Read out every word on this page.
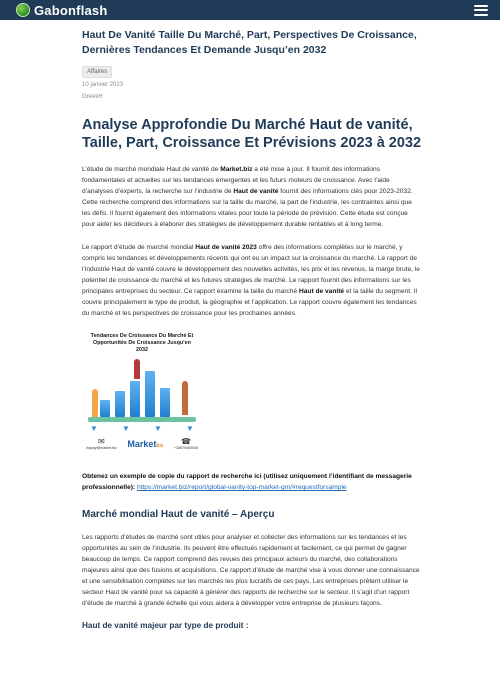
Gabonflash
Haut De Vanité Taille Du Marché, Part, Perspectives De Croissance, Dernières Tendances Et Demande Jusqu’en 2032
Affaires
10 janvier 2023
GreekH
Analyse Approfondie Du Marché Haut de vanité, Taille, Part, Croissance Et Prévisions 2023 à 2032

L’étude de marché mondiale Haut de vanité de Market.biz a été mise à jour. Il fournit des informations fondamentales et actuelles sur les tendances émergentes et les futurs moteurs de croissance. Avec l’aide d’analyses d’experts, la recherche sur l’industrie de Haut de vanité fournit des informations clés pour 2023-2032. Cette recherche comprend des informations sur la taille du marché, la part de l’industrie, les contraintes ainsi que les défis. Il fournit également des informations vitales pour toute la période de prévision. Cette étude est conçue pour aider les décideurs à élaborer des stratégies de développement durable rentables et à long terme.

Le rapport d’étude de marché mondial Haut de vanité 2023 offre des informations complètes sur le marché, y compris les tendances et développements récents qui ont eu un impact sur la croissance du marché. Le rapport de l’industrie Haut de vanité couvre le développement des nouvelles activités, les prix et les revenus, la marge brute, le potentiel de croissance du marché et les futures stratégies de marché. Le rapport fournit des informations sur les principales entreprises du secteur. Ce rapport examine la taille du marché Haut de vanité et la taille du segment. Il couvre principalement le type de produit, la géographie et l’application. Le rapport couvre également les tendances du marché et les perspectives de croissance pour les prochaines années.

Tendances De Croissance Du Marché Et Opportunités De Croissance Jusqu’en 2032
▼	▼	▼	▼
✉
inquiry@market.biz Marketbiz ☎
+18579450045

Obtenez un exemple de copie du rapport de recherche ici (utilisez uniquement l’identifiant de messagerie professionnelle): https://market.biz/report/global-vanity-top-market-gm/#requestforsample

Marché mondial Haut de vanité – Aperçu

Les rapports d’études de marché sont utiles pour analyser et collecter des informations sur les tendances et les opportunités au sein de l’industrie. Ils peuvent être effectués rapidement et facilement, ce qui permet de gagner beaucoup de temps. Ce rapport comprend des revues des principaux acteurs du marché, des collaborations majeures ainsi que des fusions et acquisitions. Ce rapport d’étude de marché vise à vous donner une connaissance et une sensibilisation complètes sur les marchés les plus lucratifs de ces pays. Les entreprises prêtent utiliser le secteur Haut de vanité pour sa capacité à générer des rapports de recherche sur le secteur. Il s’agit d’un rapport d’étude de marché à grande échelle qui vous aidera à développer votre entreprise de plusieurs façons.

Haut de vanité majeur par type de produit :
